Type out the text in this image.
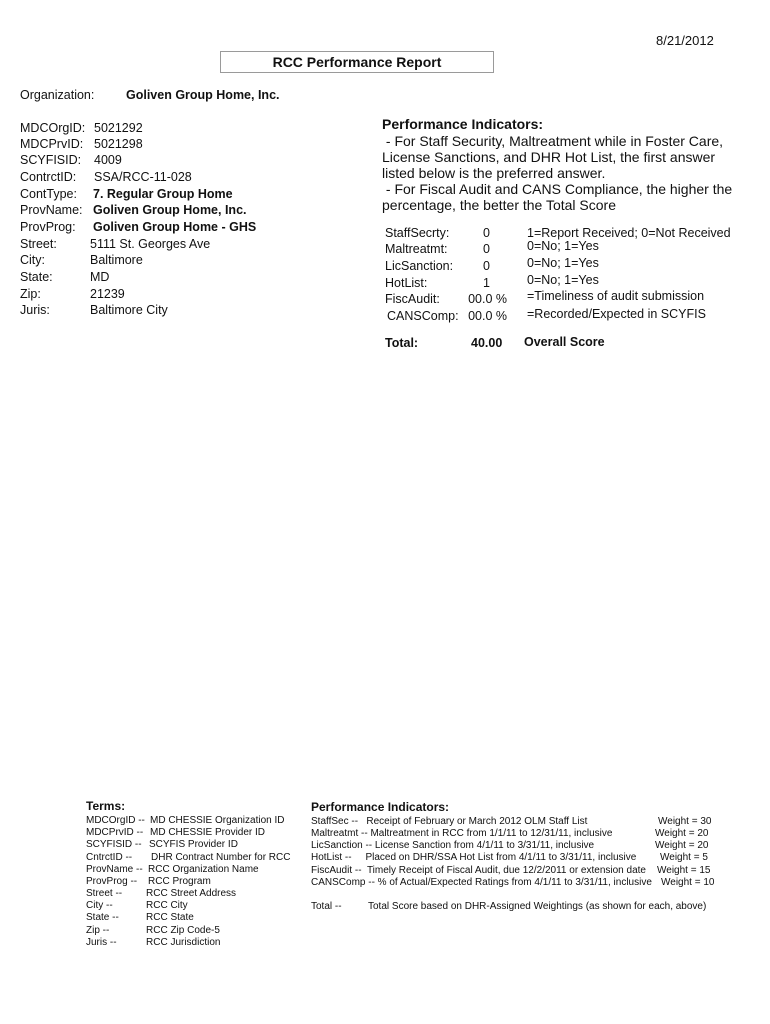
8/21/2012
RCC Performance Report
Organization:	Goliven Group Home, Inc.
MDCOrgID: 5021292
MDCPrvID: 5021298
SCYFISID: 4009
ContrctID: SSA/RCC-11-028
ContType: 7. Regular Group Home
ProvName: Goliven Group Home, Inc.
ProvProg: Goliven Group Home - GHS
Street:	5111 St. Georges Ave
City:	Baltimore
State:	MD
Zip:	21239
Juris:	Baltimore City
Performance Indicators:
- For Staff Security, Maltreatment while in Foster Care,
License Sanctions, and DHR Hot List, the first answer
listed below is the preferred answer.
- For Fiscal Audit and CANS Compliance, the higher the
percentage, the better the Total Score
StaffSecrty:	0	1=Report Received; 0=Not Received
Maltreatmt:	0	0=No; 1=Yes
LicSanction:	0	0=No; 1=Yes
HotList:	1	0=No; 1=Yes
FiscAudit:	00.0 % =Timeliness of audit submission
CANSComp: 00.0 % =Recorded/Expected in SCYFIS
Total:	40.00 Overall Score
Terms:
MDCOrgID -- MD CHESSIE Organization ID
MDCPrvID -- MD CHESSIE Provider ID
SCYFISID -- SCYFIS Provider ID
CntrctID -- DHR Contract Number for RCC
ProvName -- RCC Organization Name
ProvProg -- RCC Program
Street -- RCC Street Address
City --	RCC City
State --	RCC State
Zip --	RCC Zip Code-5
Juris --	RCC Jurisdiction
Performance Indicators:
StaffSec --   Receipt of February or March 2012 OLM Staff List	Weight = 30
Maltreatmt -- Maltreatment in RCC from 1/1/11 to 12/31/11, inclusive	Weight = 20
LicSanction -- License Sanction from 4/1/11 to 3/31/11, inclusive	Weight = 20
HotList --     Placed on DHR/SSA Hot List from 4/1/11 to 3/31/11, inclusive Weight = 5
FiscAudit --  Timely Receipt of Fiscal Audit, due 12/2/2011 or extension date Weight = 15
CANSComp -- % of Actual/Expected Ratings from 4/1/11 to 3/31/11, inclusive Weight = 10
Total --	Total Score based on DHR-Assigned Weightings (as shown for each, above)
